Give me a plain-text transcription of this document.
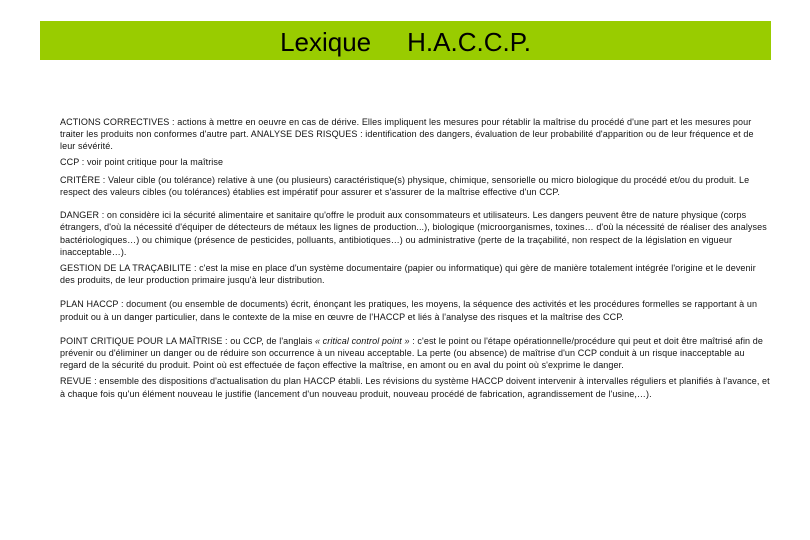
Lexique H.A.C.C.P.

ACTIONS CORRECTIVES : actions à mettre en oeuvre en cas de dérive. Elles impliquent les mesures pour rétablir la maîtrise du procédé d'une part et les mesures pour traiter les produits non conformes d'autre part. ANALYSE DES RISQUES : identification des dangers, évaluation de leur probabilité d'apparition ou de leur fréquence et de leur sévérité.

CCP : voir point critique pour la maîtrise

CRITÈRE : Valeur cible (ou tolérance) relative à une (ou plusieurs) caractéristique(s) physique, chimique, sensorielle ou micro biologique du procédé et/ou du produit. Le respect des valeurs cibles (ou tolérances) établies est impératif pour assurer et s'assurer de la maîtrise effective d'un CCP.

DANGER : on considère ici la sécurité alimentaire et sanitaire qu'offre le produit aux consommateurs et utilisateurs. Les dangers peuvent être de nature physique (corps étrangers, d'où la nécessité d'équiper de détecteurs de métaux les lignes de production...), biologique (microorganismes, toxines… d'où la nécessité de réaliser des analyses bactériologiques…) ou chimique (présence de pesticides, polluants, antibiotiques…) ou administrative (perte de la traçabilité, non respect de la législation en vigueur inacceptable…).

GESTION DE LA TRAÇABILITE : c'est la mise en place d'un système documentaire (papier ou informatique) qui gère de manière totalement intégrée l'origine et le devenir des produits, de leur production primaire jusqu'à leur distribution.

PLAN HACCP : document (ou ensemble de documents) écrit, énonçant les pratiques, les moyens, la séquence des activités et les procédures formelles se rapportant à un produit ou à un danger particulier, dans le contexte de la mise en œuvre de l'HACCP et liés à l'analyse des risques et la maîtrise des CCP.

POINT CRITIQUE POUR LA MAÎTRISE : ou CCP, de l'anglais « critical control point » : c'est le point ou l'étape opérationnelle/procédure qui peut et doit être maîtrisé afin de prévenir ou d'éliminer un danger ou de réduire son occurrence à un niveau acceptable. La perte (ou absence) de maîtrise d'un CCP conduit à un risque inacceptable au regard de la sécurité du produit. Point où est effectuée de façon effective la maîtrise, en amont ou en aval du point où s'exprime le danger.

REVUE : ensemble des dispositions d'actualisation du plan HACCP établi. Les révisions du système HACCP doivent intervenir à intervalles réguliers et planifiés à l'avance, et à chaque fois qu'un élément nouveau le justifie (lancement d'un nouveau produit, nouveau procédé de fabrication, agrandissement de l'usine,…).
